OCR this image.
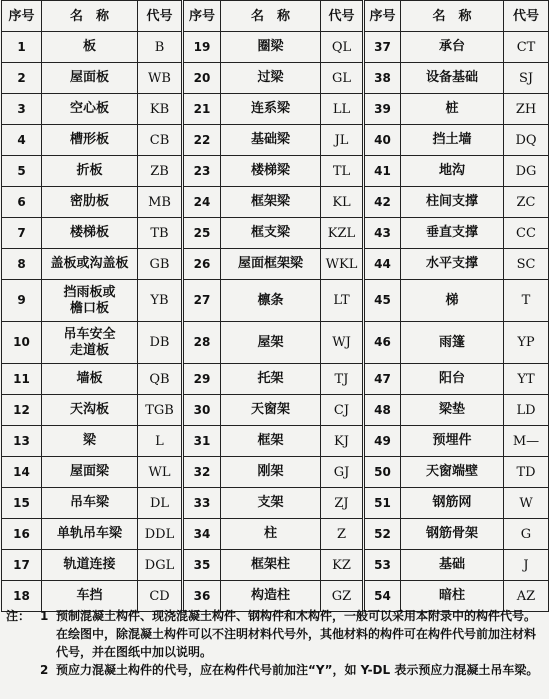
序号	名　称	代号	序号	名　称	代号	序号	名　称	代号
1	板	B	19	圈梁	QL	37	承台	CT
2	屋面板	WB	20	过梁	GL	38	设备基础	SJ
3	空心板	KB	21	连系梁	LL	39	桩	ZH
4	槽形板	CB	22	基础梁	JL	40	挡土墙	DQ
5	折板	ZB	23	楼梯梁	TL	41	地沟	DG
6	密肋板	MB	24	框架梁	KL	42	柱间支撑	ZC
7	楼梯板	TB	25	框支梁	KZL	43	垂直支撑	CC
8	盖板或沟盖板	GB	26	屋面框架梁	WKL	44	水平支撑	SC
9	挡雨板或
檐口板	YB	27	檩条	LT	45	梯	T
10	吊车安全
走道板	DB	28	屋架	WJ	46	雨篷	YP
11	墙板	QB	29	托架	TJ	47	阳台	YT
12	天沟板	TGB	30	天窗架	CJ	48	梁垫	LD
13	梁	L	31	框架	KJ	49	预埋件	M—
14	屋面梁	WL	32	刚架	GJ	50	天窗端壁	TD
15	吊车梁	DL	33	支架	ZJ	51	钢筋网	W
16	单轨吊车梁	DDL	34	柱	Z	52	钢筋骨架	G
17	轨道连接	DGL	35	框架柱	KZ	53	基础	J
18	车挡	CD	36	构造柱	GZ	54	暗柱	AZ
注： 1 预制混凝土构件、现浇混凝土构件、钢构件和木构件，一般可以采用本附录中的构件代号。在绘图中，除混凝土构件可以不注明材料代号外，其他材料的构件可在构件代号前加注材料代号，并在图纸中加以说明。
2 预应力混凝土构件的代号，应在构件代号前加注“Y”，如 Y-DL 表示预应力混凝土吊车梁。
